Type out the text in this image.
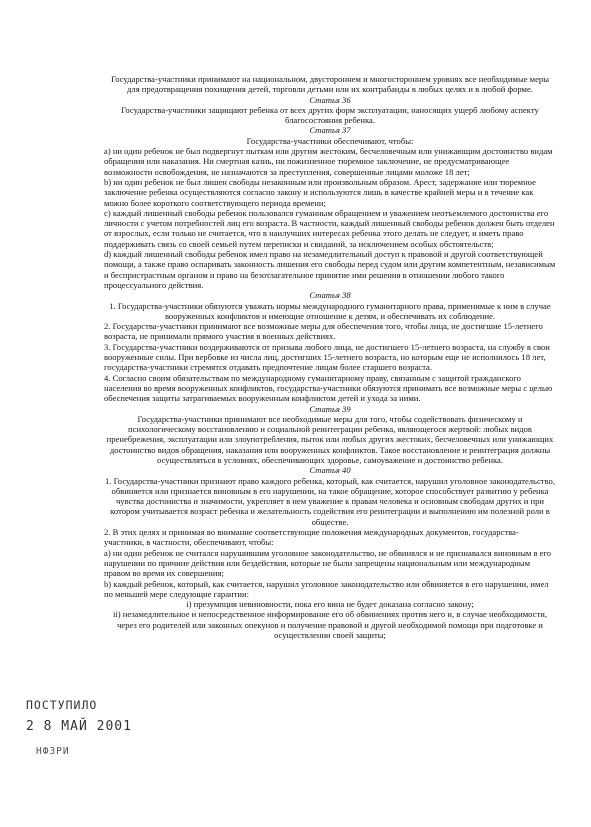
Государства-участники принимают на национальном, двустороннем и многостороннем уровнях все необходимые меры для предотвращения похищения детей, торговли детьми или их контрабанды в любых целях и в любой форме.

Статья 36

Государства-участники защищают ребенка от всех других форм эксплуатации, наносящих ущерб любому аспекту благосостояния ребенка.

Статья 37

Государства-участники обеспечивают, чтобы:

a) ни один ребенок не был подвергнут пыткам или другим жестоким, бесчеловечным или унижающим достоинство видам обращения или наказания. Ни смертная казнь, ни пожизненное тюремное заключение, не предусматривающее возможности освобождения, не назначаются за преступления, совершенные лицами моложе 18 лет;

b) ни один ребенок не был лишен свободы незаконным или произвольным образом. Арест, задержание или тюремное заключение ребенка осуществляются согласно закону и используются лишь в качестве крайней меры и в течение как можно более короткого соответствующего периода времени;

c) каждый лишенный свободы ребенок пользовался гуманным обращением и уважением неотъемлемого достоинства его личности с учетом потребностей лиц его возраста. В частности, каждый лишенный свободы ребенок должен быть отделен от взрослых, если только не считается, что в наилучших интересах ребенка этого делать не следует, и иметь право поддерживать связь со своей семьей путем переписки и свиданий, за исключением особых обстоятельств;

d) каждый лишенный свободы ребенок имел право на незамедлительный доступ к правовой и другой соответствующей помощи, а также право оспаривать законность лишения его свободы перед судом или другим компетентным, независимым и беспристрастным органом и право на безотлагательное принятие ими решения в отношении любого такого процессуального действия.

Статья 38

1. Государства-участники обязуются уважать нормы международного гуманитарного права, применимые к ним в случае вооруженных конфликтов и имеющие отношение к детям, и обеспечивать их соблюдение.

2. Государства-участники принимают все возможные меры для обеспечения того, чтобы лица, не достигшие 15-летнего возраста, не принимали прямого участия в военных действиях.

3. Государства-участники воздерживаются от призыва любого лица, не достигшего 15-летнего возраста, на службу в свои вооруженные силы. При вербовке из числа лиц, достигших 15-летнего возраста, но которым еще не исполнилось 18 лет, государства-участники стремятся отдавать предпочтение лицам более старшего возраста.

4. Согласно своим обязательствам по международному гуманитарному праву, связанным с защитой гражданского населения во время вооруженных конфликтов, государства-участники обязуются принимать все возможные меры с целью обеспечения защиты затрагиваемых вооруженным конфликтом детей и ухода за ними.

Статья 39

Государства-участники принимают все необходимые меры для того, чтобы содействовать физическому и психологическому восстановлению и социальной реинтеграции ребенка, являющегося жертвой: любых видов пренебрежения, эксплуатации или злоупотребления, пыток или любых других жестоких, бесчеловечных или унижающих достоинство видов обращения, наказания или вооруженных конфликтов. Такое восстановление и реинтеграция должны осуществляться в условиях, обеспечивающих здоровье, самоуважение и достоинство ребенка.

Статья 40

1. Государства-участники признают право каждого ребенка, который, как считается, нарушил уголовное законодательство, обвиняется или признается виновным в его нарушении, на такое обращение, которое способствует развитию у ребенка чувства достоинства и значимости, укрепляет в нем уважение к правам человека и основным свободам других и при котором учитывается возраст ребенка и желательность содействия его реинтеграции и выполнению им полезной роли в обществе.

2. В этих целях и принимая во внимание соответствующие положения международных документов, государства-участники, в частности, обеспечивают, чтобы:

a) ни один ребенок не считался нарушившим уголовное законодательство, не обвинялся и не признавался виновным в его нарушении по причине действия или бездействия, которые не были запрещены национальным или международным правом во время их совершения;

b) каждый ребенок, который, как считается, нарушил уголовное законодательство или обвиняется в его нарушении, имел по меньшей мере следующие гарантии:

i) презумпция невиновности, пока его вина не будет доказана согласно закону;

ii) незамедлительное и непосредственное информирование его об обвинениях против него и, в случае необходимости, через его родителей или законных опекунов и получение правовой и другой необходимой помощи при подготовке и осуществлении своей защиты;

ПОСТУПИЛО
2 8 МАЙ 2001
НФЗРИ
